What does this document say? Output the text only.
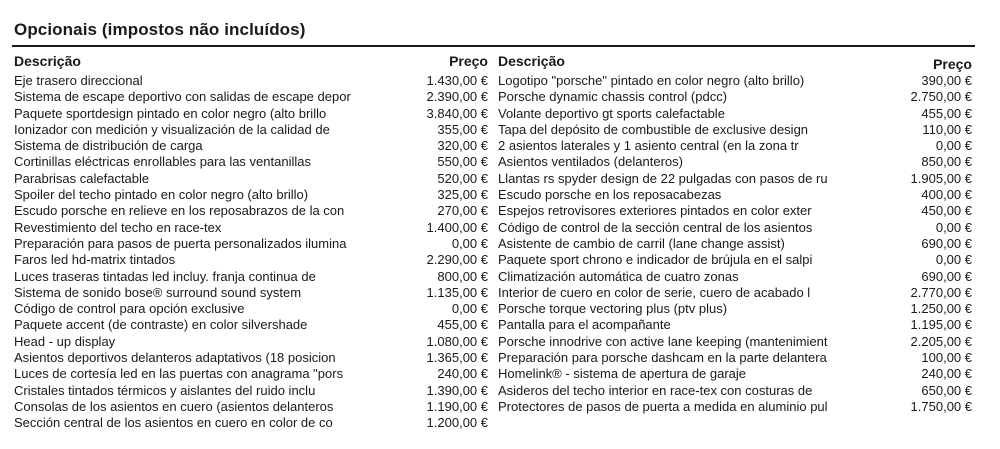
Opcionais (impostos não incluídos)
Descrição	Preço
Eje trasero direccional	1.430,00 €
Sistema de escape deportivo con salidas de escape depor	2.390,00 €
Paquete sportdesign pintado en color negro (alto brillo	3.840,00 €
Ionizador con medición y visualización de la calidad de	355,00 €
Sistema de distribución de carga	320,00 €
Cortinillas eléctricas enrollables para las ventanillas	550,00 €
Parabrisas calefactable	520,00 €
Spoiler del techo pintado en color negro (alto brillo)	325,00 €
Escudo porsche en relieve en los reposabrazos de la con	270,00 €
Revestimiento del techo en race-tex	1.400,00 €
Preparación para pasos de puerta personalizados ilumina	0,00 €
Faros led hd-matrix tintados	2.290,00 €
Luces traseras tintadas led incluy. franja continua de	800,00 €
Sistema de sonido bose® surround sound system	1.135,00 €
Código de control para opción exclusive	0,00 €
Paquete accent (de contraste) en color silvershade	455,00 €
Head - up display	1.080,00 €
Asientos deportivos delanteros adaptativos (18 posicion	1.365,00 €
Luces de cortesía led en las puertas con anagrama "pors	240,00 €
Cristales tintados térmicos y aislantes del ruido inclu	1.390,00 €
Consolas de los asientos en cuero (asientos delanteros	1.190,00 €
Sección central de los asientos en cuero en color de co	1.200,00 €
Descrição	Preço
Logotipo "porsche" pintado en color negro (alto brillo)	390,00 €
Porsche dynamic chassis control (pdcc)	2.750,00 €
Volante deportivo gt sports calefactable	455,00 €
Tapa del depósito de combustible de exclusive design	110,00 €
2 asientos laterales y 1 asiento central (en la zona tr	0,00 €
Asientos ventilados (delanteros)	850,00 €
Llantas rs spyder design de 22 pulgadas con pasos de ru	1.905,00 €
Escudo porsche en los reposacabezas	400,00 €
Espejos retrovisores exteriores pintados en color exter	450,00 €
Código de control de la sección central de los asientos	0,00 €
Asistente de cambio de carril (lane change assist)	690,00 €
Paquete sport chrono e indicador de brújula en el salpi	0,00 €
Climatización automática de cuatro zonas	690,00 €
Interior de cuero en color de serie, cuero de acabado l	2.770,00 €
Porsche torque vectoring plus (ptv plus)	1.250,00 €
Pantalla para el acompañante	1.195,00 €
Porsche innodrive con active lane keeping (mantenimient	2.205,00 €
Preparación para porsche dashcam en la parte delantera	100,00 €
Homelink® - sistema de apertura de garaje	240,00 €
Asideros del techo interior en race-tex con costuras de	650,00 €
Protectores de pasos de puerta a medida en aluminio pul	1.750,00 €
